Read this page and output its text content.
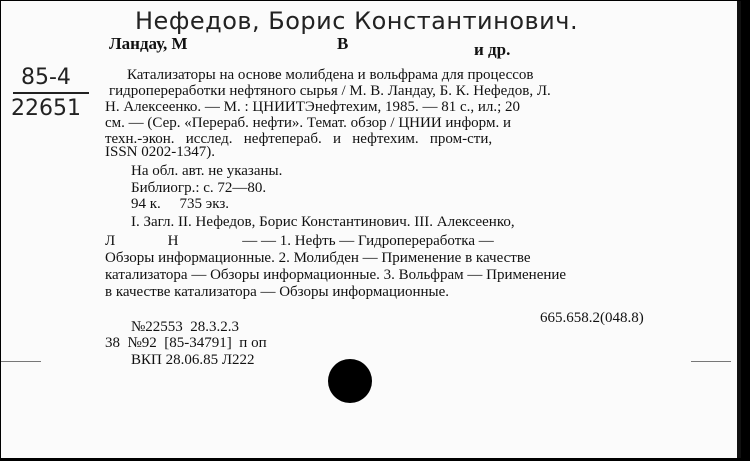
Нефедов, Борис Константинович.
85-4
22651
Ландау, М	В	и др.
Катализаторы на основе молибдена и вольфрама для процессов
гидропереработки нефтяного сырья / М. В. Ландау, Б. К. Нефедов, Л.
Н. Алексеенко. — М. : ЦНИИТЭнефтехим, 1985. — 81 с., ил.; 20
см. — (Сер. «Перераб. нефти». Темат. обзор / ЦНИИ информ. и
техн.-экон.   исслед.   нефтепераб.   и   нефтехим.   пром-сти,
ISSN 0202-1347).
На обл. авт. не указаны.
Библиогр.: с. 72—80.
94 к.     735 экз.
I. Загл. II. Нефедов, Борис Константинович. III. Алексеенко,
Л              Н                 — — 1. Нефть — Гидропереработка —
Обзоры информационные. 2. Молибден — Применение в качестве
катализатора — Обзоры информационные. 3. Вольфрам — Применение
в качестве катализатора — Обзоры информационные.
665.658.2(048.8)
№22553  28.3.2.3
38  №92  [85-34791]  п оп
ВКП 28.06.85 Л222
